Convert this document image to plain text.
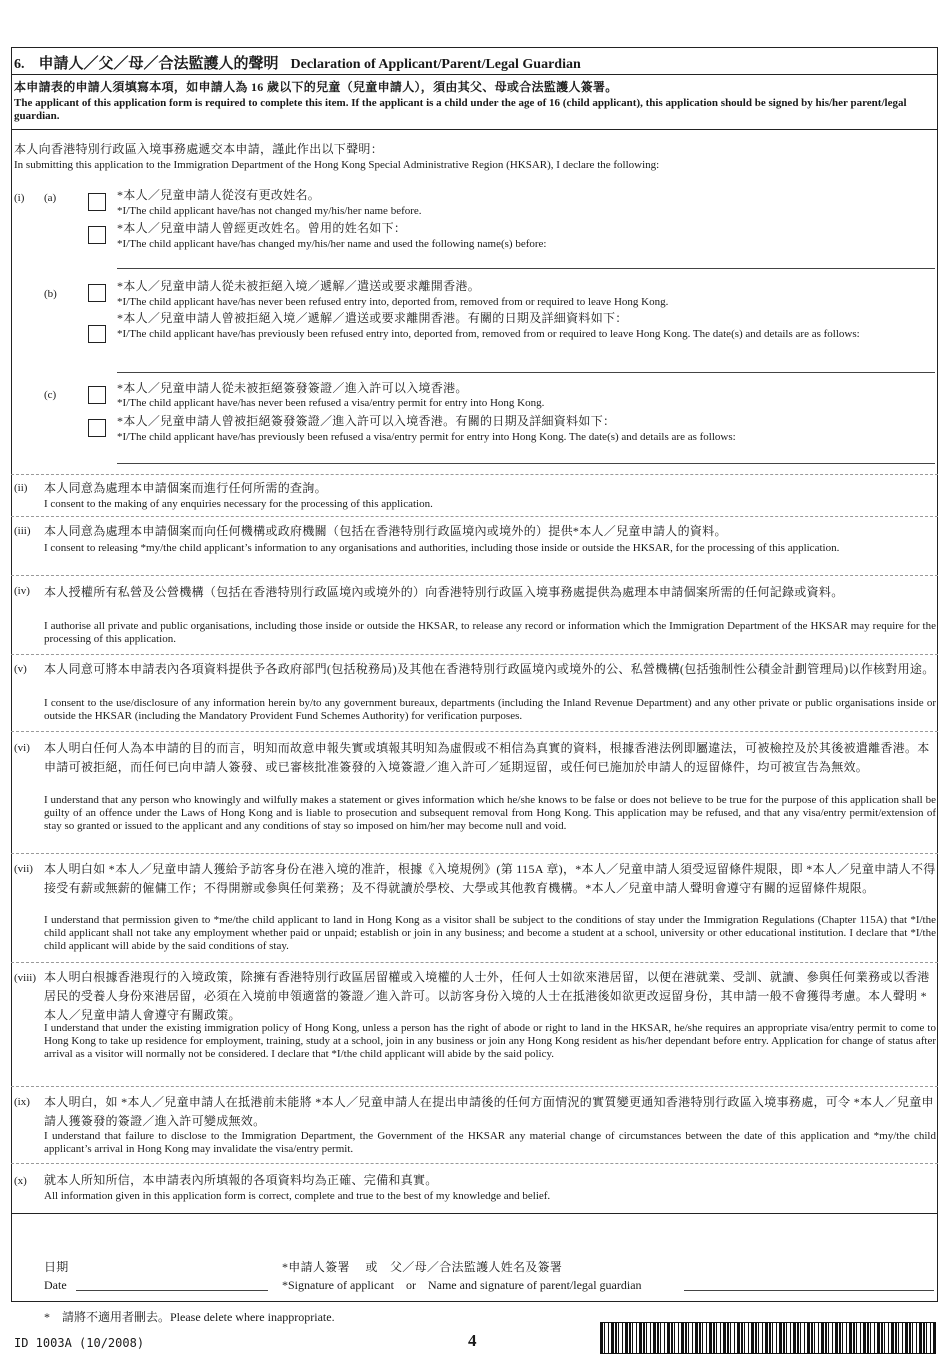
6. 申請人／父／母／合法監護人的聲明 Declaration of Applicant/Parent/Legal Guardian
本申請表的申請人須填寫本項，如申請人為 16 歲以下的兒童（兒童申請人），須由其父、母或合法監護人簽署。
The applicant of this application form is required to complete this item. If the applicant is a child under the age of 16 (child applicant), this application should be signed by his/her parent/legal guardian.
本人向香港特別行政區入境事務處遞交本申請，謹此作出以下聲明：
In submitting this application to the Immigration Department of the Hong Kong Special Administrative Region (HKSAR), I declare the following:
(i) (a)	*本人／兒童申請人從沒有更改姓名。
*I/The child applicant have/has not changed my/his/her name before.
*本人／兒童申請人曾經更改姓名。曾用的姓名如下：
*I/The child applicant have/has changed my/his/her name and used the following name(s) before:
(b)
*本人／兒童申請人從未被拒絕入境／遞解／遣送或要求離開香港。
*I/The child applicant have/has never been refused entry into, deported from, removed from or required to leave Hong Kong.
*本人／兒童申請人曾被拒絕入境／遞解／遣送或要求離開香港。有關的日期及詳細資料如下：
*I/The child applicant have/has previously been refused entry into, deported from, removed from or required to leave Hong Kong. The date(s) and details are as follows:
(c)	*本人／兒童申請人從未被拒絕簽發簽證／進入許可以入境香港。
*I/The child applicant have/has never been refused a visa/entry permit for entry into Hong Kong.
*本人／兒童申請人曾被拒絕簽發簽證／進入許可以入境香港。有關的日期及詳細資料如下：
*I/The child applicant have/has previously been refused a visa/entry permit for entry into Hong Kong. The date(s) and details are as follows:
(ii) 本人同意為處理本申請個案而進行任何所需的查詢。
I consent to the making of any enquiries necessary for the processing of this application.
(iii) 本人同意為處理本申請個案而向任何機構或政府機關（包括在香港特別行政區境內或境外的）提供*本人／兒童申請人的資料。
I consent to releasing *my/the child applicant’s information to any organisations and authorities, including those inside or outside the HKSAR, for the processing of this application.
(iv) 本人授權所有私營及公營機構（包括在香港特別行政區境內或境外的）向香港特別行政區入境事務處提供為處理本申請個案所需的任何記錄或資料。
I authorise all private and public organisations, including those inside or outside the HKSAR, to release any record or information which the Immigration Department of the HKSAR may require for the processing of this application.
(v) 本人同意可將本申請表內各項資料提供予各政府部門(包括稅務局)及其他在香港特別行政區境內或境外的公、私營機構(包括強制性公積金計劃管理局)以作核對用途。
I consent to the use/disclosure of any information herein by/to any government bureaux, departments (including the Inland Revenue Department) and any other private or public organisations inside or outside the HKSAR (including the Mandatory Provident Fund Schemes Authority) for verification purposes.
(vi) 本人明白任何人為本申請的目的而言，明知而故意申報失實或填報其明知為虛假或不相信為真實的資料，根據香港法例即屬違法，可被檢控及於其後被遣離香港。本申請可被拒絕，而任何已向申請人簽發、或已審核批准簽發的入境簽證／進入許可／延期逗留，或任何已施加於申請人的逗留條件，均可被宣告為無效。
I understand that any person who knowingly and wilfully makes a statement or gives information which he/she knows to be false or does not believe to be true for the purpose of this application shall be guilty of an offence under the Laws of Hong Kong and is liable to prosecution and subsequent removal from Hong Kong. This application may be refused, and that any visa/entry permit/extension of stay so granted or issued to the applicant and any conditions of stay so imposed on him/her may become null and void.
(vii) 本人明白如 *本人／兒童申請人獲給予訪客身份在港入境的准許，根據《入境規例》(第 115A 章)，*本人／兒童申請人須受逗留條件規限，即 *本人／兒童申請人不得接受有薪或無薪的僱傭工作；不得開辦或參與任何業務；及不得就讀於學校、大學或其他教育機構。*本人／兒童申請人聲明會遵守有關的逗留條件規限。
I understand that permission given to *me/the child applicant to land in Hong Kong as a visitor shall be subject to the conditions of stay under the Immigration Regulations (Chapter 115A) that *I/the child applicant shall not take any employment whether paid or unpaid; establish or join in any business; and become a student at a school, university or other educational institution. I declare that *I/the child applicant will abide by the said conditions of stay.
(viii) 本人明白根據香港現行的入境政策，除擁有香港特別行政區居留權或入境權的人士外，任何人士如欲來港居留，以便在港就業、受訓、就讀、參與任何業務或以香港居民的受養人身份來港居留，必須在入境前申領適當的簽證／進入許可。以訪客身份入境的人士在抵港後如欲更改逗留身份，其申請一般不會獲得考慮。本人聲明 *本人／兒童申請人會遵守有關政策。
I understand that under the existing immigration policy of Hong Kong, unless a person has the right of abode or right to land in the HKSAR, he/she requires an appropriate visa/entry permit to come to Hong Kong to take up residence for employment, training, study at a school, join in any business or join any Hong Kong resident as his/her dependant before entry. Application for change of status after arrival as a visitor will normally not be considered. I declare that *I/the child applicant will abide by the said policy.
(ix) 本人明白，如 *本人／兒童申請人在抵港前未能將 *本人／兒童申請人在提出申請後的任何方面情況的實質變更通知香港特別行政區入境事務處，可令 *本人／兒童申請人獲簽發的簽證／進入許可變成無效。
I understand that failure to disclose to the Immigration Department, the Government of the HKSAR any material change of circumstances between the date of this application and *my/the child applicant’s arrival in Hong Kong may invalidate the visa/entry permit.
(x) 就本人所知所信，本申請表內所填報的各項資料均為正確、完備和真實。
All information given in this application form is correct, complete and true to the best of my knowledge and belief.
日期
Date
*申請人簽署　 或　父／母／合法監護人姓名及簽署
*Signature of applicant    or    Name and signature of parent/legal guardian
*　請將不適用者刪去。Please delete where inappropriate.
ID 1003A (10/2008)	4
